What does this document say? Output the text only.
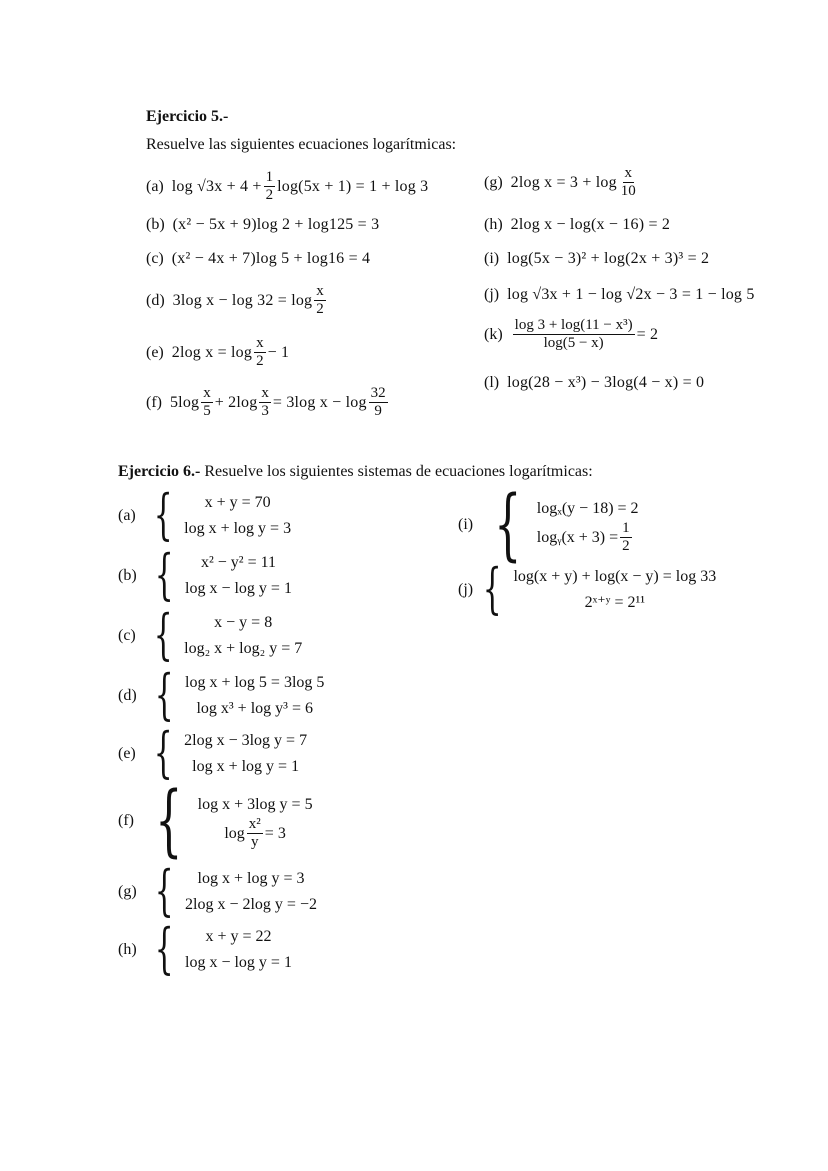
Ejercicio 5.-
Resuelve las siguientes ecuaciones logarítmicas:
(a) $\log √3x + 4 + \frac{1}{2} \log(5x + 1) = 1 + \log 3$
(b) (x² − 5x + 9)log 2 + log125 = 3
(c) (x² − 4x + 7)log 5 + log16 = 4
(d) 3log $x - \log 32 = \log \frac{x}{2}$
(e) 2log $x = \log \frac{x}{2} - 1$
(f) $5\log \frac{x}{5} + 2\log \frac{x}{3} = 3\log$ $x - \log \frac{32}{9}$
(g) 2log $x = 3 + \log \frac{x}{10}$
(h) 2log x − log(x − 16) = 2
(i) log(5x − 3)² + log(2x + 3)³ = 2
(j) log √3x + 1 − log √2x − 3 = 1 − log 5
$(k) \frac{\text{log 3 + log(11 − x³)}}{\log(5 - x)} = 2$
(l) log(28 − x³) − 3log(4 − x) = 0
Ejercicio 6.- Resuelve los siguientes sistemas de ecuaciones logarítmicas:
(a) {	x + y = 70
log x + log y = 3
(b) {	x² − y² = 11
log x − log y = 1
(c) {	x − y = 8
log₂ x + log₂ y = 7
(d) { log x + log 5 = 3log 5
log x³ + log y³ = 6
(e) { 2log x − 3log y = 7
log x + log y = 1
(f) { log x + 3log y = 5
$\log \frac{\text{x²}}{y} = 3$
(g) {	log x + log y = 3
2log x − 2log y = −2
(h) {	x + y = 22
log x − log y = 1
(i) { logₓ(y − 18) = 2
logᵧ(x + $3) = \frac{1}{2}$
(j) { log(x + y) + log(x − y) = log 33
2ˣ⁺ʸ = 2¹¹
